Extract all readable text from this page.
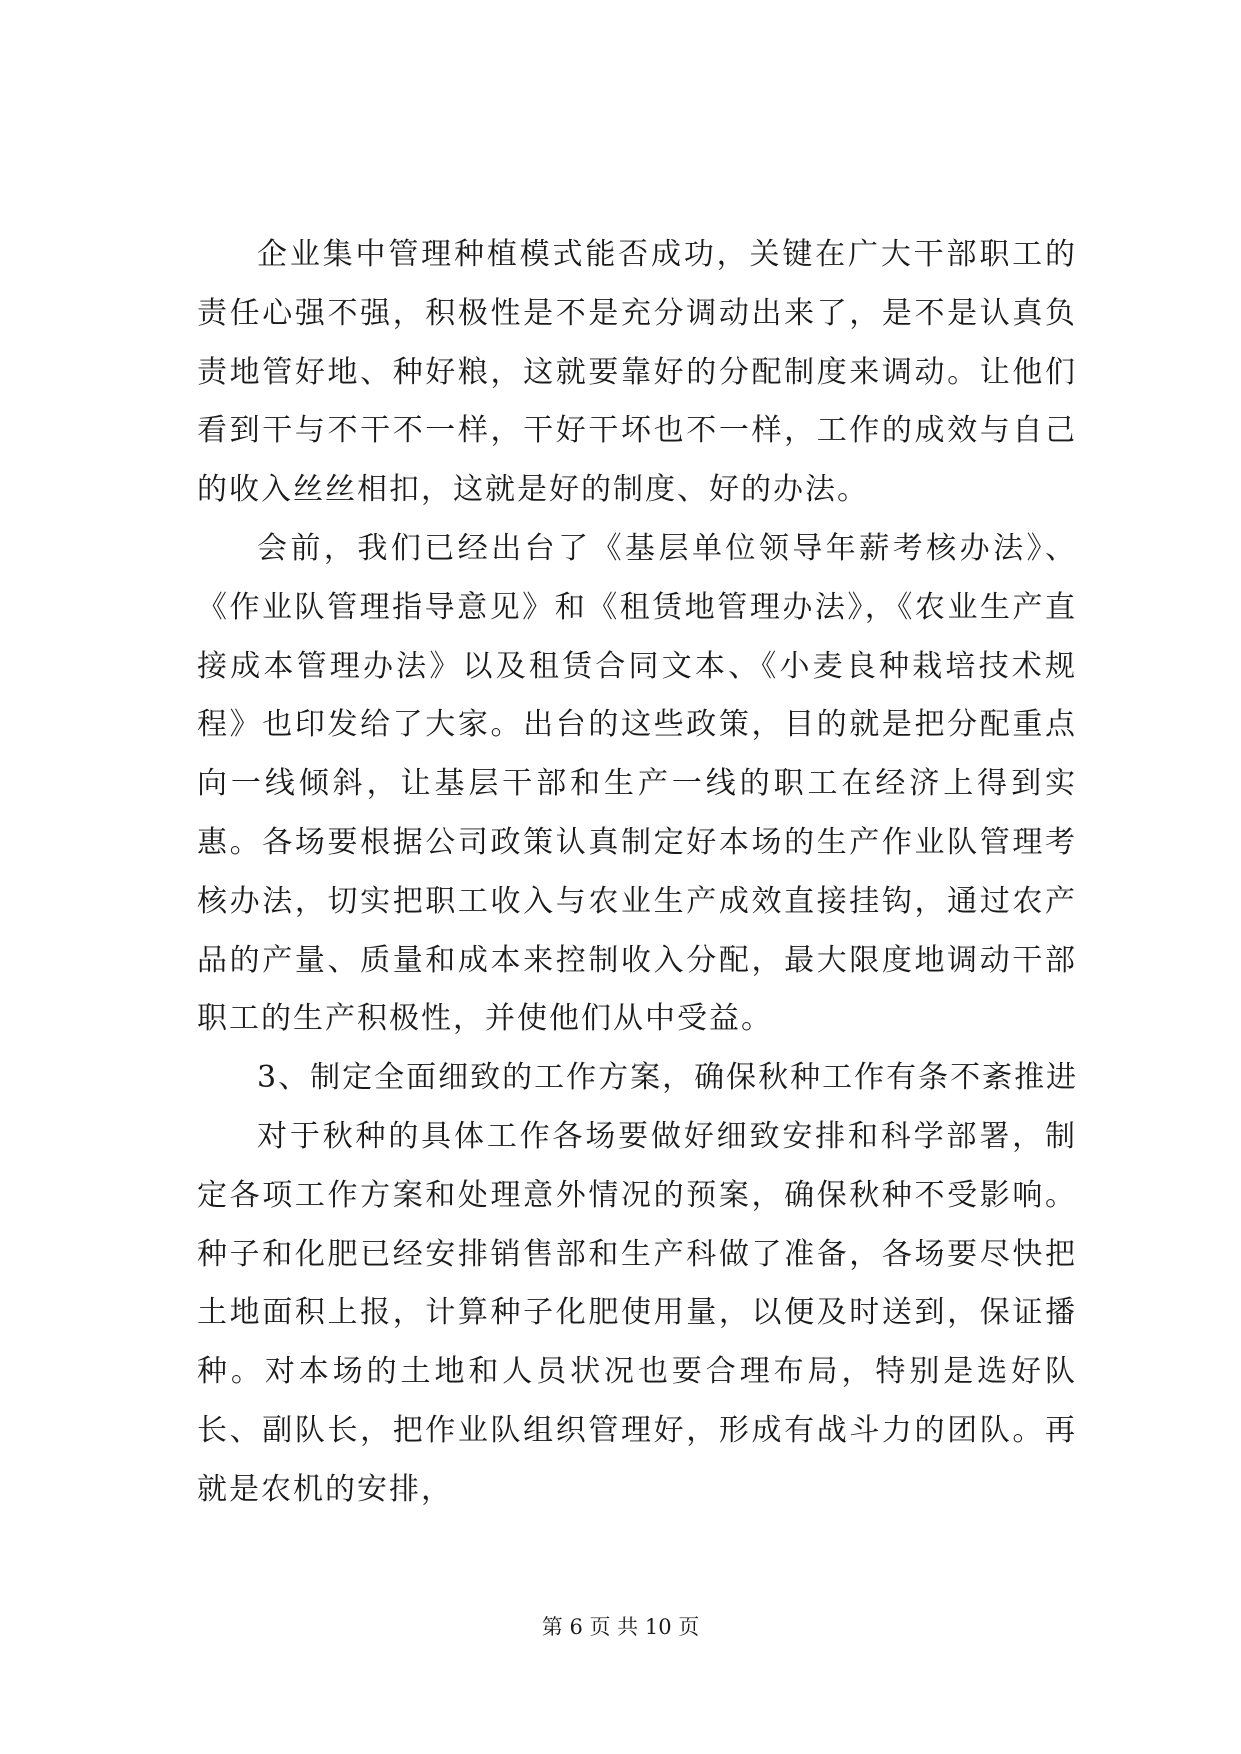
企业集中管理种植模式能否成功，关键在广大干部职工的责任心强不强，积极性是不是充分调动出来了，是不是认真负责地管好地、种好粮，这就要靠好的分配制度来调动。让他们看到干与不干不一样，干好干坏也不一样，工作的成效与自己的收入丝丝相扣，这就是好的制度、好的办法。

会前，我们已经出台了《基层单位领导年薪考核办法》、《作业队管理指导意见》和《租赁地管理办法》，《农业生产直接成本管理办法》以及租赁合同文本、《小麦良种栽培技术规程》也印发给了大家。出台的这些政策，目的就是把分配重点向一线倾斜，让基层干部和生产一线的职工在经济上得到实惠。各场要根据公司政策认真制定好本场的生产作业队管理考核办法，切实把职工收入与农业生产成效直接挂钩，通过农产品的产量、质量和成本来控制收入分配，最大限度地调动干部职工的生产积极性，并使他们从中受益。

3、制定全面细致的工作方案，确保秋种工作有条不紊推进

对于秋种的具体工作各场要做好细致安排和科学部署，制定各项工作方案和处理意外情况的预案，确保秋种不受影响。种子和化肥已经安排销售部和生产科做了准备，各场要尽快把土地面积上报，计算种子化肥使用量，以便及时送到，保证播种。对本场的土地和人员状况也要合理布局，特别是选好队长、副队长，把作业队组织管理好，形成有战斗力的团队。再就是农机的安排，

第 6 页 共 10 页
